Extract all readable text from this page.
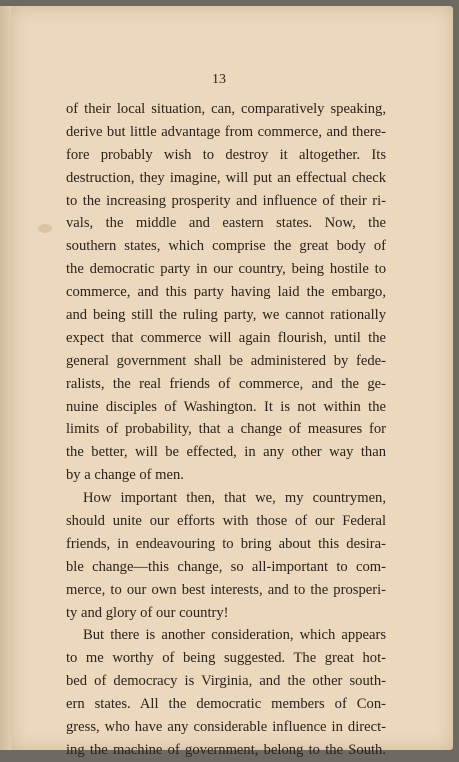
13
of their local situation, can, comparatively speaking,
derive but little advantage from commerce, and there-
fore probably wish to destroy it altogether. Its
destruction, they imagine, will put an effectual check
to the increasing prosperity and influence of their ri-
vals, the middle and eastern states. Now, the
southern states, which comprise the great body of
the democratic party in our country, being hostile to
commerce, and this party having laid the embargo,
and being still the ruling party, we cannot rationally
expect that commerce will again flourish, until the
general government shall be administered by fede-
ralists, the real friends of commerce, and the ge-
nuine disciples of Washington. It is not within the
limits of probability, that a change of measures for
the better, will be effected, in any other way than
by a change of men.
How important then, that we, my countrymen,
should unite our efforts with those of our Federal
friends, in endeavouring to bring about this desira-
ble change—this change, so all-important to com-
merce, to our own best interests, and to the prosperi-
ty and glory of our country!
But there is another consideration, which appears
to me worthy of being suggested. The great hot-
bed of democracy is Virginia, and the other south-
ern states. All the democratic members of Con-
gress, who have any considerable influence in direct-
ing the machine of government, belong to the South.
